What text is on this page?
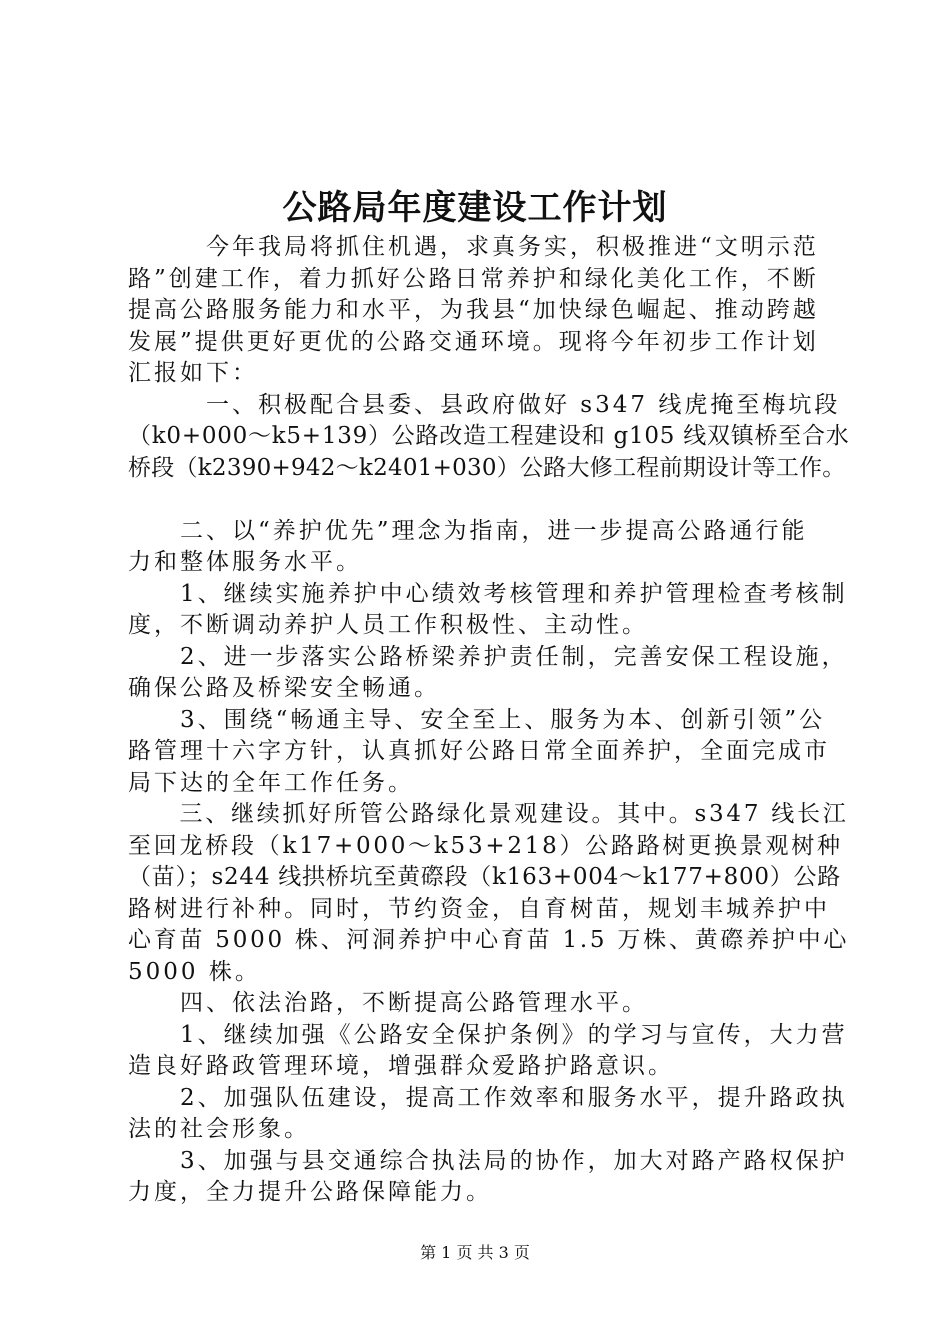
公路局年度建设工作计划

　　　今年我局将抓住机遇，求真务实，积极推进“文明示范

路”创建工作，着力抓好公路日常养护和绿化美化工作，不断

提高公路服务能力和水平，为我县“加快绿色崛起、推动跨越

发展”提供更好更优的公路交通环境。现将今年初步工作计划

汇报如下：

　　　一、积极配合县委、县政府做好 s347 线虎掩至梅坑段

（k0+000～k5+139）公路改造工程建设和 g105 线双镇桥至合水

桥段（k2390+942～k2401+030）公路大修工程前期设计等工作。

　　二、以“养护优先”理念为指南，进一步提高公路通行能

力和整体服务水平。

　　1、继续实施养护中心绩效考核管理和养护管理检查考核制

度，不断调动养护人员工作积极性、主动性。

　　2、进一步落实公路桥梁养护责任制，完善安保工程设施，

确保公路及桥梁安全畅通。

　　3、围绕“畅通主导、安全至上、服务为本、创新引领”公

路管理十六字方针，认真抓好公路日常全面养护，全面完成市

局下达的全年工作任务。

　　三、继续抓好所管公路绿化景观建设。其中。s347 线长江

至回龙桥段（k17+000～k53+218）公路路树更换景观树种

（苗）；s244 线拱桥坑至黄磜段（k163+004～k177+800）公路

路树进行补种。同时，节约资金，自育树苗，规划丰城养护中

心育苗 5000 株、河洞养护中心育苗 1.5 万株、黄磜养护中心

5000 株。

　　四、依法治路，不断提高公路管理水平。

　　1、继续加强《公路安全保护条例》的学习与宣传，大力营

造良好路政管理环境，增强群众爱路护路意识。

　　2、加强队伍建设，提高工作效率和服务水平，提升路政执

法的社会形象。

　　3、加强与县交通综合执法局的协作，加大对路产路权保护

力度，全力提升公路保障能力。

第 1 页 共 3 页
